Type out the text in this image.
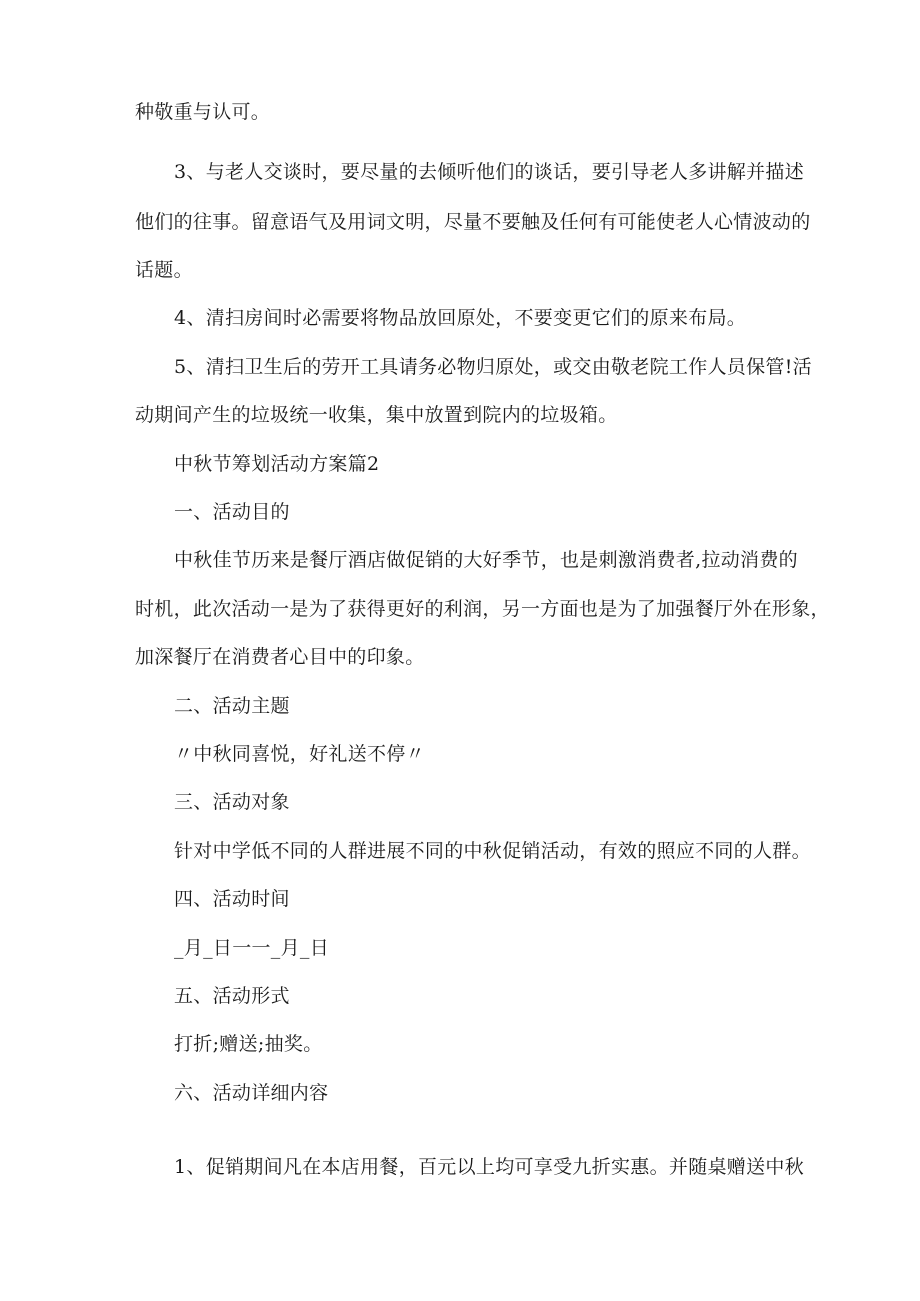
种敬重与认可。
3、与老人交谈时，要尽量的去倾听他们的谈话，要引导老人多讲解并描述
他们的往事。留意语气及用词文明，尽量不要触及任何有可能使老人心情波动的
话题。
4、清扫房间时必需要将物品放回原处，不要变更它们的原来布局。
5、清扫卫生后的劳开工具请务必物归原处，或交由敬老院工作人员保管!活
动期间产生的垃圾统一收集，集中放置到院内的垃圾箱。
中秋节筹划活动方案篇2
一、活动目的
中秋佳节历来是餐厅酒店做促销的大好季节，也是刺激消费者,拉动消费的
时机，此次活动一是为了获得更好的利润，另一方面也是为了加强餐厅外在形象，
加深餐厅在消费者心目中的印象。
二、活动主题
〃中秋同喜悦，好礼送不停〃
三、活动对象
针对中学低不同的人群进展不同的中秋促销活动，有效的照应不同的人群。
四、活动时间
_月_日一一_月_日
五、活动形式
打折;赠送;抽奖。
六、活动详细内容
1、促销期间凡在本店用餐，百元以上均可享受九折实惠。并随桌赠送中秋
